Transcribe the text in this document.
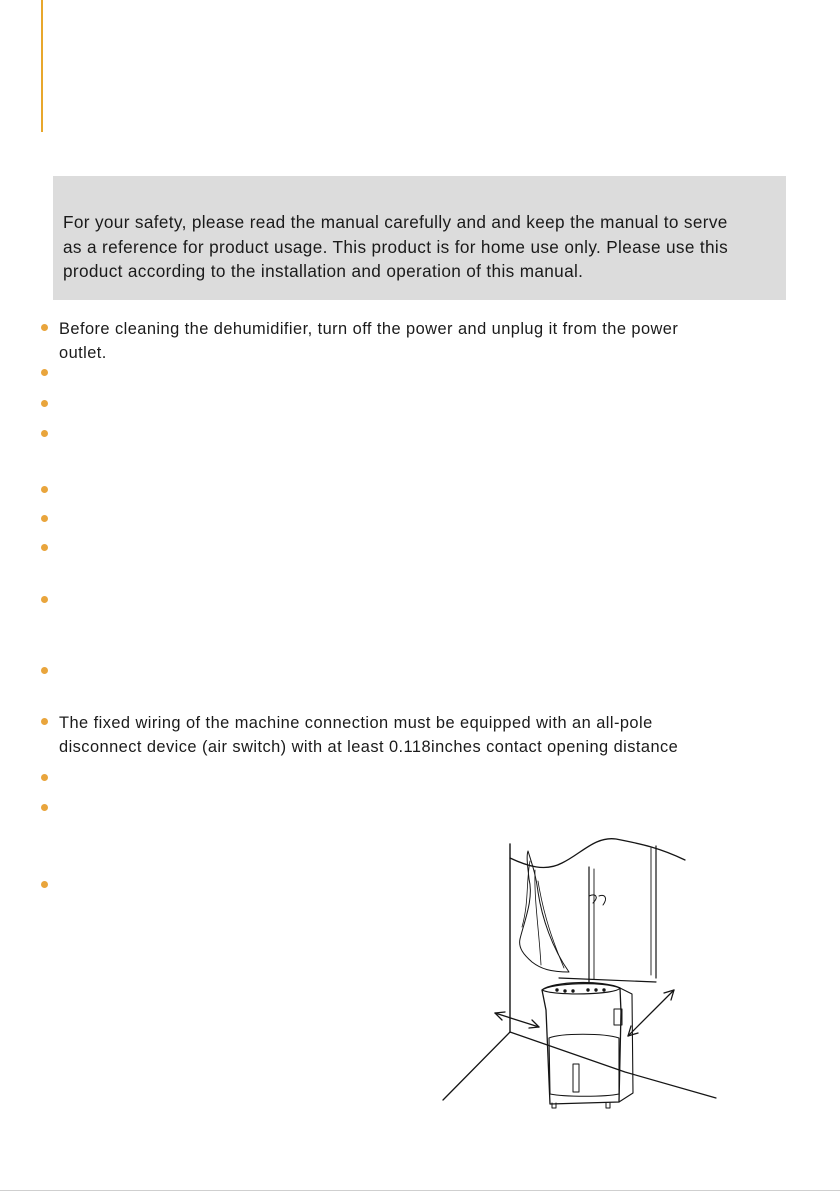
For your safety, please read the manual carefully and and keep the manual to serve
as a reference for product usage. This product is for home use only. Please use this
product according to the installation and operation of this manual.

Before cleaning the dehumidifier, turn off the power and unplug it from the power
outlet.

The fixed wiring of the machine connection must be equipped with an all-pole
disconnect device (air switch) with at least 0.118inches contact opening distance
